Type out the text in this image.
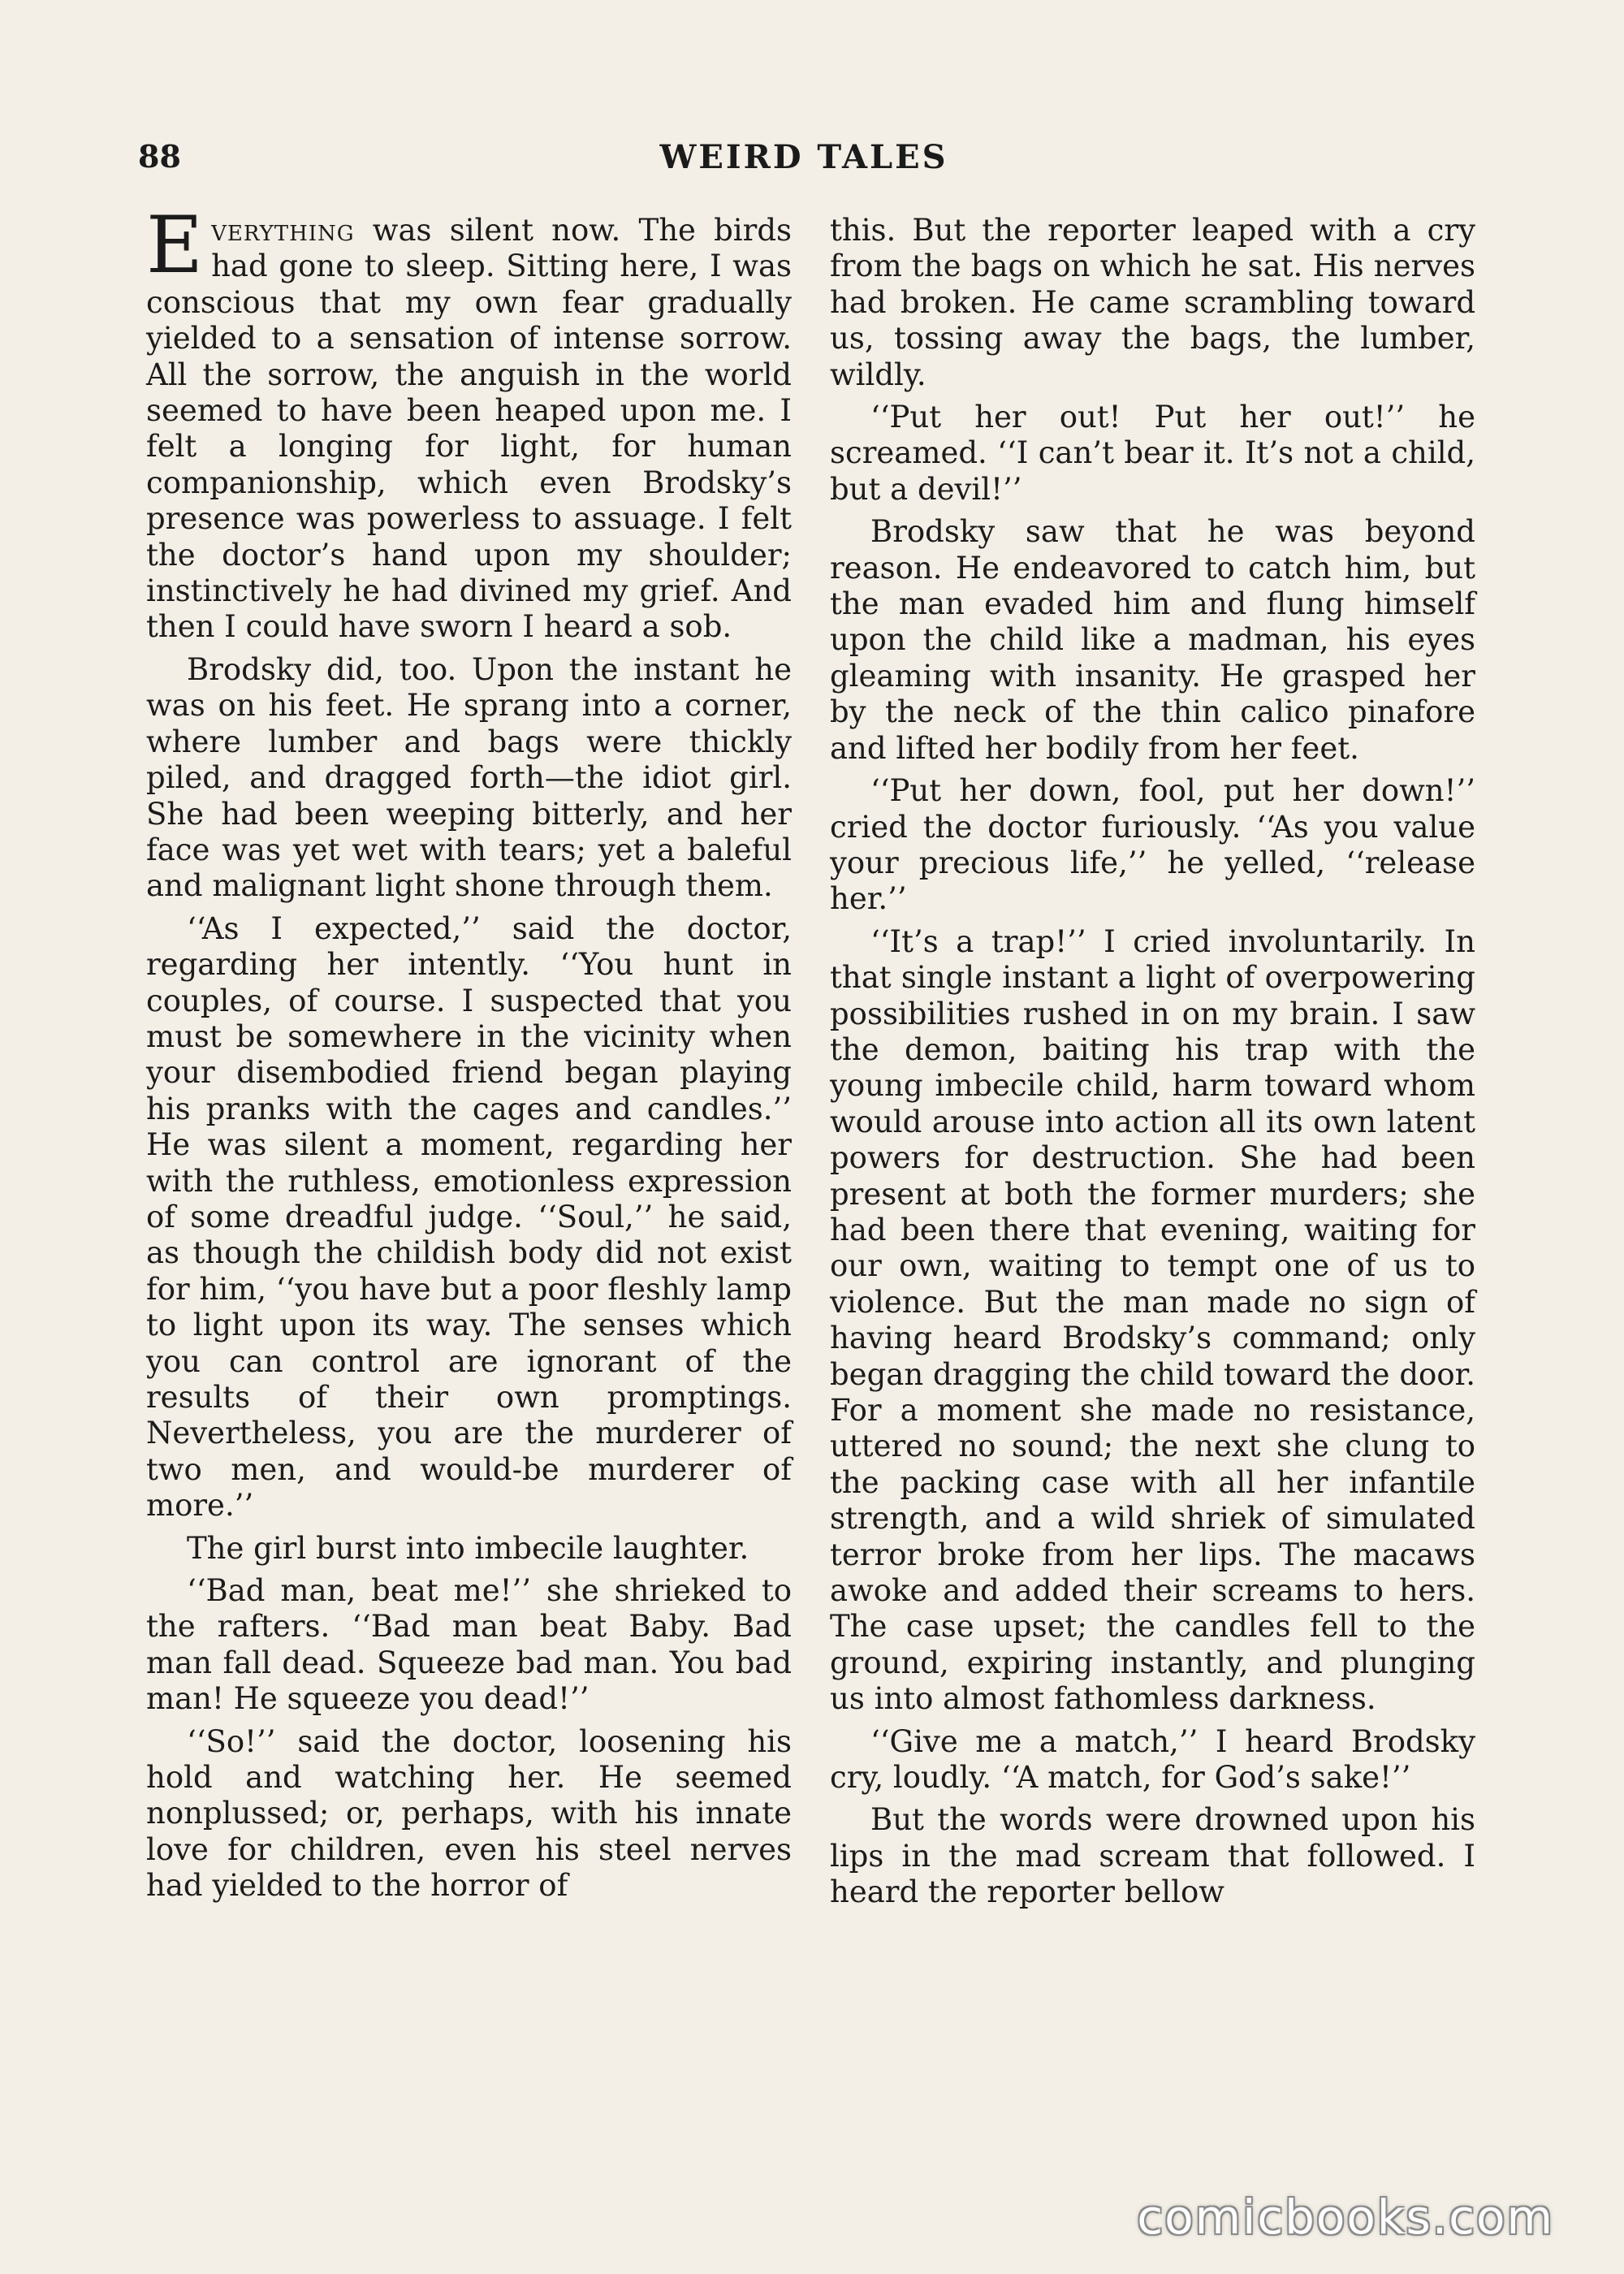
88	WEIRD TALES

Everything was silent now. The birds had gone to sleep. Sitting here, I was conscious that my own fear gradually yielded to a sensation of intense sorrow. All the sorrow, the anguish in the world seemed to have been heaped upon me. I felt a longing for light, for human companionship, which even Brodsky’s presence was powerless to assuage. I felt the doctor’s hand upon my shoulder; instinctively he had divined my grief. And then I could have sworn I heard a sob.

Brodsky did, too. Upon the instant he was on his feet. He sprang into a corner, where lumber and bags were thickly piled, and dragged forth—the idiot girl. She had been weeping bitterly, and her face was yet wet with tears; yet a baleful and malignant light shone through them.

‘‘As I expected,’’ said the doctor, regarding her intently. ‘‘You hunt in couples, of course. I suspected that you must be somewhere in the vicinity when your disembodied friend began playing his pranks with the cages and candles.’’ He was silent a moment, regarding her with the ruthless, emotionless expression of some dreadful judge. ‘‘Soul,’’ he said, as though the childish body did not exist for him, ‘‘you have but a poor fleshly lamp to light upon its way. The senses which you can control are ignorant of the results of their own promptings. Nevertheless, you are the murderer of two men, and would-be murderer of more.’’

The girl burst into imbecile laughter.

‘‘Bad man, beat me!’’ she shrieked to the rafters. ‘‘Bad man beat Baby. Bad man fall dead. Squeeze bad man. You bad man! He squeeze you dead!’’

‘‘So!’’ said the doctor, loosening his hold and watching her. He seemed nonplussed; or, perhaps, with his innate love for children, even his steel nerves had yielded to the horror of

this. But the reporter leaped with a cry from the bags on which he sat. His nerves had broken. He came scrambling toward us, tossing away the bags, the lumber, wildly.

‘‘Put her out! Put her out!’’ he screamed. ‘‘I can’t bear it. It’s not a child, but a devil!’’

Brodsky saw that he was beyond reason. He endeavored to catch him, but the man evaded him and flung himself upon the child like a madman, his eyes gleaming with insanity. He grasped her by the neck of the thin calico pinafore and lifted her bodily from her feet.

‘‘Put her down, fool, put her down!’’ cried the doctor furiously. ‘‘As you value your precious life,’’ he yelled, ‘‘release her.’’

‘‘It’s a trap!’’ I cried involuntarily. In that single instant a light of overpowering possibilities rushed in on my brain. I saw the demon, baiting his trap with the young imbecile child, harm toward whom would arouse into action all its own latent powers for destruction. She had been present at both the former murders; she had been there that evening, waiting for our own, waiting to tempt one of us to violence. But the man made no sign of having heard Brodsky’s command; only began dragging the child toward the door. For a moment she made no resistance, uttered no sound; the next she clung to the packing case with all her infantile strength, and a wild shriek of simulated terror broke from her lips. The macaws awoke and added their screams to hers. The case upset; the candles fell to the ground, expiring instantly, and plunging us into almost fathomless darkness.

‘‘Give me a match,’’ I heard Brodsky cry, loudly. ‘‘A match, for God’s sake!’’

But the words were drowned upon his lips in the mad scream that followed. I heard the reporter bellow

comicbooks.com
